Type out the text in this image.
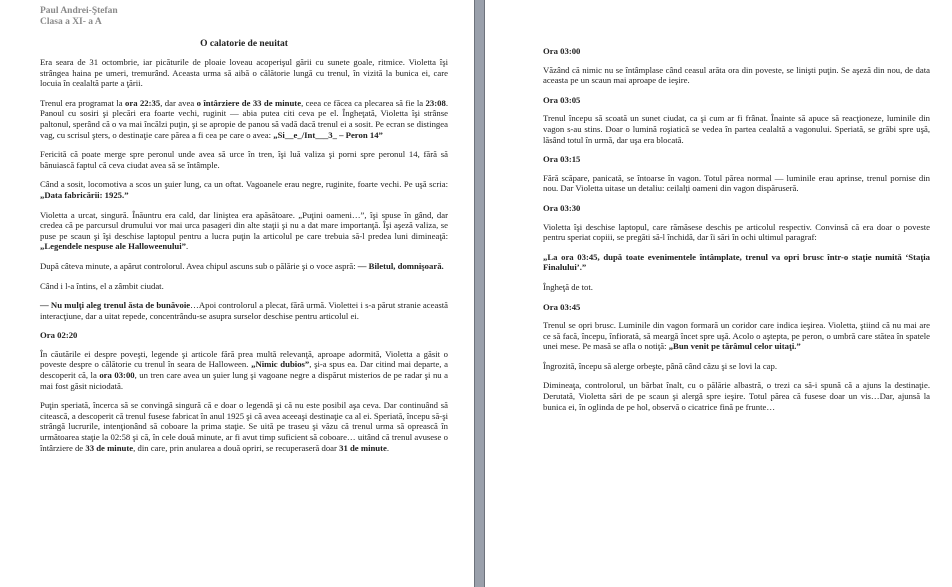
Paul Andrei-Ştefan
Clasa a XI- a A
O calatorie de neuitat

Era seara de 31 octombrie, iar picăturile de ploaie loveau acoperişul gării cu sunete goale, ritmice. Violetta îşi strângea haina pe umeri, tremurând. Aceasta urma să aibă o călătorie lungă cu trenul, în vizită la bunica ei, care locuia în cealaltă parte a ţării.

Trenul era programat la ora 22:35, dar avea o întârziere de 33 de minute, ceea ce făcea ca plecarea să fie la 23:08. Panoul cu sosiri şi plecări era foarte vechi, ruginit — abia putea citi ceva pe el. Îngheţată, Violetta îşi strânse paltonul, sperând că o va mai încălzi puţin, şi se apropie de panou să vadă dacă trenul ei a sosit. Pe ecran se distingea vag, cu scrisul şters, o destinaţie care părea a fi cea pe care o avea: „Si__e_/Int___3_ – Peron 14”

Fericită că poate merge spre peronul unde avea să urce în tren, îşi luă valiza şi porni spre peronul 14, fără să bănuiască faptul că ceva ciudat avea să se întâmple.

Când a sosit, locomotiva a scos un şuier lung, ca un oftat. Vagoanele erau negre, ruginite, foarte vechi. Pe uşă scria: „Data fabricării: 1925.”

Violetta a urcat, singură. Înăuntru era cald, dar liniştea era apăsătoare. „Puţini oameni…”, îşi spuse în gând, dar credea că pe parcursul drumului vor mai urca pasageri din alte staţii şi nu a dat mare importanţă. Îşi aşeză valiza, se puse pe scaun şi îşi deschise laptopul pentru a lucra puţin la articolul pe care trebuia să-l predea luni dimineaţă: „Legendele nespuse ale Halloweenului”.

După câteva minute, a apărut controlorul. Avea chipul ascuns sub o pălărie şi o voce aspră: — Biletul, domnişoară.

Când i l-a întins, el a zâmbit ciudat.

— Nu mulţi aleg trenul ăsta de bunăvoie…Apoi controlorul a plecat, fără urmă. Violettei i s-a părut stranie această interacţiune, dar a uitat repede, concentrându-se asupra surselor deschise pentru articolul ei.

Ora 02:20

În căutările ei despre poveşti, legende şi articole fără prea multă relevanţă, aproape adormită, Violetta a găsit o poveste despre o călătorie cu trenul în seara de Halloween. „Nimic dubios”, şi-a spus ea. Dar citind mai departe, a descoperit că, la ora 03:00, un tren care avea un şuier lung şi vagoane negre a dispărut misterios de pe radar şi nu a mai fost găsit niciodată.

Puţin speriată, încerca să se convingă singură că e doar o legendă şi că nu este posibil aşa ceva. Dar continuând să citească, a descoperit că trenul fusese fabricat în anul 1925 şi că avea aceeaşi destinaţie ca al ei. Speriată, începu să-şi strângă lucrurile, intenţionând să coboare la prima staţie. Se uită pe traseu şi văzu că trenul urma să oprească în următoarea staţie la 02:58 şi că, în cele două minute, ar fi avut timp suficient să coboare… uitând că trenul avusese o întârziere de 33 de minute, din care, prin anularea a două opriri, se recuperaseră doar 31 de minute.

Ora 03:00

Văzând că nimic nu se întâmplase când ceasul arăta ora din poveste, se linişti puţin. Se aşeză din nou, de data aceasta pe un scaun mai aproape de ieşire.

Ora 03:05

Trenul începu să scoată un sunet ciudat, ca şi cum ar fi frânat. Înainte să apuce să reacţioneze, luminile din vagon s-au stins. Doar o lumină roşiatică se vedea în partea cealaltă a vagonului. Speriată, se grăbi spre uşă, lăsând totul în urmă, dar uşa era blocată.

Ora 03:15

Fără scăpare, panicată, se întoarse în vagon. Totul părea normal — luminile erau aprinse, trenul pornise din nou. Dar Violetta uitase un detaliu: ceilalţi oameni din vagon dispăruseră.

Ora 03:30

Violetta îşi deschise laptopul, care rămăsese deschis pe articolul respectiv. Convinsă că era doar o poveste pentru speriat copiii, se pregăti să-l închidă, dar îi sări în ochi ultimul paragraf:

„La ora 03:45, după toate evenimentele întâmplate, trenul va opri brusc într-o staţie numită ‘Staţia Finalului’.”

Îngheţă de tot.

Ora 03:45

Trenul se opri brusc. Luminile din vagon formară un coridor care indica ieşirea. Violetta, ştiind că nu mai are ce să facă, începu, înfiorată, să meargă încet spre uşă. Acolo o aştepta, pe peron, o umbră care stătea în spatele unei mese. Pe masă se afla o notiţă: „Bun venit pe tărâmul celor uitaţi.”

Îngrozită, începu să alerge orbeşte, până când căzu şi se lovi la cap.

Dimineaţa, controlorul, un bărbat înalt, cu o pălărie albastră, o trezi ca să-i spună că a ajuns la destinaţie. Derutată, Violetta sări de pe scaun şi alergă spre ieşire. Totul părea că fusese doar un vis…Dar, ajunsă la bunica ei, în oglinda de pe hol, observă o cicatrice fină pe frunte…
